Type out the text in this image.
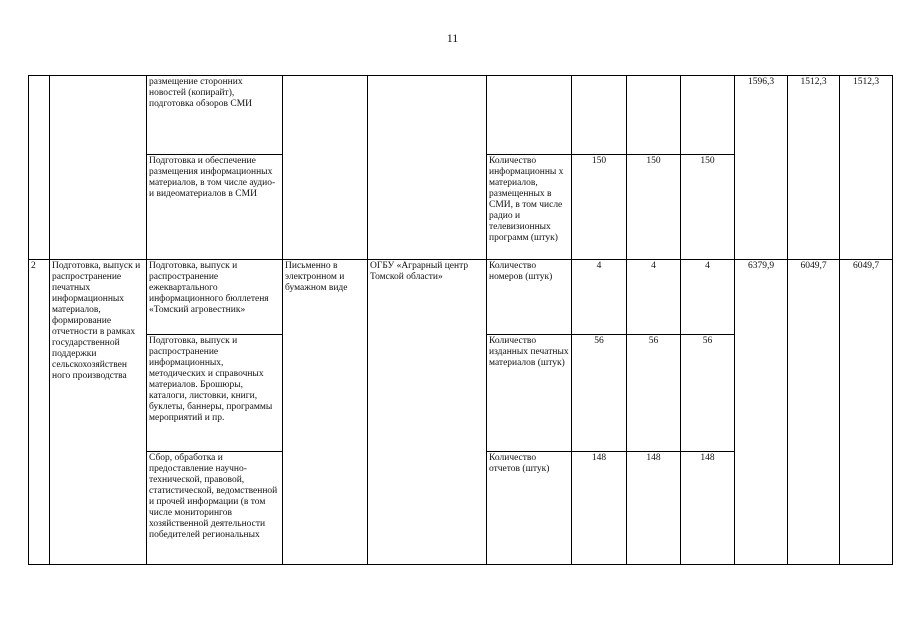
11
		размещение сторонних новостей (копирайт), подготовка обзоров СМИ							1596,3	1512,3	1512,3
		Подготовка и обеспечение размещения информационных материалов, в том числе аудио- и видеоматериалов в СМИ			Количество информационны х материалов, размещенных в СМИ, в том числе радио и телевизионных программ (штук)	150	150	150			
2	Подготовка, выпуск и распространение печатных информационных материалов, формирование отчетности в рамках государственной поддержки сельскохозяйствен ного производства	Подготовка, выпуск и распространение ежеквартального информационного бюллетеня «Томский агровестник»	Письменно в электронном и бумажном виде	ОГБУ «Аграрный центр Томской области»	Количество номеров (штук)	4	4	4	6379,9	6049,7	6049,7
		Подготовка, выпуск и распространение информационных, методических и справочных материалов. Брошюры, каталоги, листовки, книги, буклеты, баннеры, программы мероприятий и пр.			Количество изданных печатных материалов (штук)	56	56	56			
		Сбор, обработка и предоставление научно-технической, правовой, статистической, ведомственной и прочей информации (в том числе мониторингов хозяйственной деятельности победителей региональных			Количество отчетов (штук)	148	148	148			
